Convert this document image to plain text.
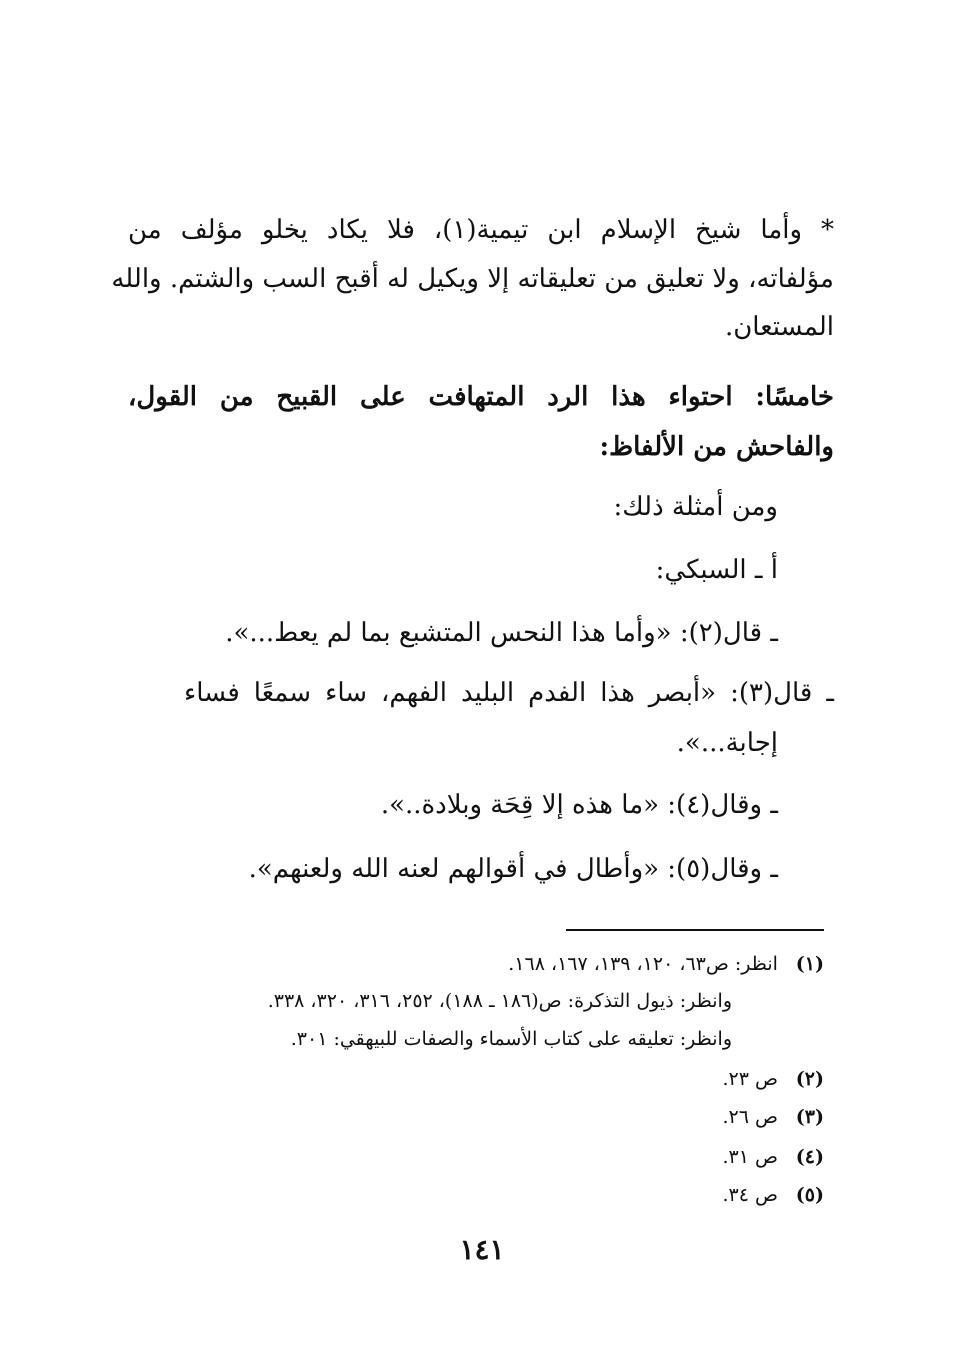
* وأما شيخ الإسلام ابن تيمية(١)، فلا يكاد يخلو مؤلف من
مؤلفاته، ولا تعليق من تعليقاته إلا ويكيل له أقبح السب والشتم. والله
المستعان.
خامسًا: احتواء هذا الرد المتهافت على القبيح من القول،
والفاحش من الألفاظ:
ومن أمثلة ذلك:
أ ـ السبكي:
ـ قال(٢): «وأما هذا النحس المتشبع بما لم يعط...».
ـ قال(٣): «أبصر هذا الفدم البليد الفهم، ساء سمعًا فساء
إجابة...».
ـ وقال(٤): «ما هذه إلا قِحَة وبلادة..».
ـ وقال(٥): «وأطال في أقوالهم لعنه الله ولعنهم».
(١) انظر: ص٦٣، ١٢٠، ١٣٩، ١٦٧، ١٦٨.
وانظر: ذيول التذكرة: ص(١٨٦ ـ ١٨٨)، ٢٥٢، ٣١٦، ٣٢٠، ٣٣٨.
وانظر: تعليقه على كتاب الأسماء والصفات للبيهقي: ٣٠١.
(٢) ص ٢٣.
(٣) ص ٢٦.
(٤) ص ٣١.
(٥) ص ٣٤.
١٤١
